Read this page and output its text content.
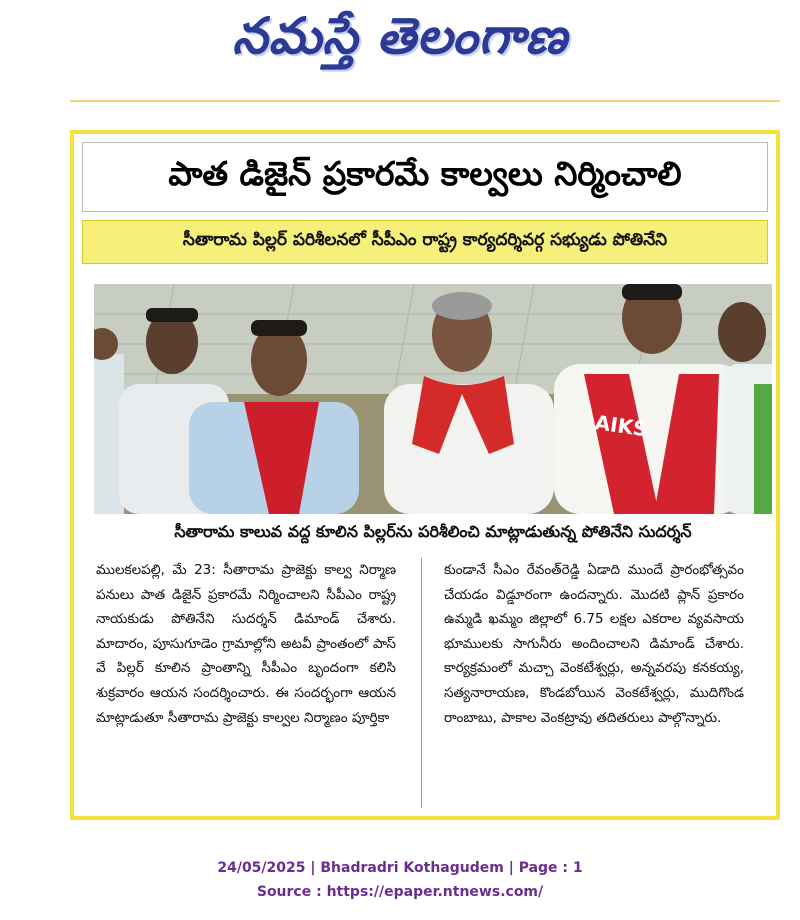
నమస్తే తెలంగాణ
పాత డిజైన్ ప్రకారమే కాల్వలు నిర్మించాలి
సీతారామ పిల్లర్ పరిశీలనలో సీపీఎం రాష్ట్ర కార్యదర్శివర్గ సభ్యుడు పోతినేని
AIKS
సీతారామ కాలువ వద్ద కూలిన పిల్లర్‌ను పరిశీలించి మాట్లాడుతున్న పోతినేని సుదర్శన్
ములకలపల్లి, మే 23: సీతారామ ప్రాజెక్టు కాల్వ నిర్మాణ పనులు పాత డిజైన్ ప్రకారమే నిర్మించాలని సీపీఎం రాష్ట్ర నాయకుడు పోతినేని సుదర్శన్ డిమాండ్ చేశారు. మాదారం, పూసుగూడెం గ్రామాల్లోని అటవీ ప్రాంతంలో పాస్ వే పిల్లర్ కూలిన ప్రాంతాన్ని సీపీఎం బృందంగా కలిసి శుక్రవారం ఆయన సందర్శించారు. ఈ సందర్భంగా ఆయన మాట్లాడుతూ సీతారామ ప్రాజెక్టు కాల్వల నిర్మాణం పూర్తికా
కుండానే సీఎం రేవంత్‌రెడ్డి ఏడాది ముందే ప్రారంభోత్సవం చేయడం విడ్డూరంగా ఉందన్నారు. మొదటి ప్లాన్ ప్రకారం ఉమ్మడి ఖమ్మం జిల్లాలో 6.75 లక్షల ఎకరాల వ్యవసాయ భూములకు సాగునీరు అందించాలని డిమాండ్ చేశారు. కార్యక్రమంలో మచ్చా వెంకటేశ్వర్లు, అన్నవరపు కనకయ్య, సత్యనారాయణ, కొండబోయిన వెంకటేశ్వర్లు, ముదిగొండ రాంబాబు, పాకాల వెంకట్రావు తదితరులు పాల్గొన్నారు.
24/05/2025 | Bhadradri Kothagudem | Page : 1
Source : https://epaper.ntnews.com/
